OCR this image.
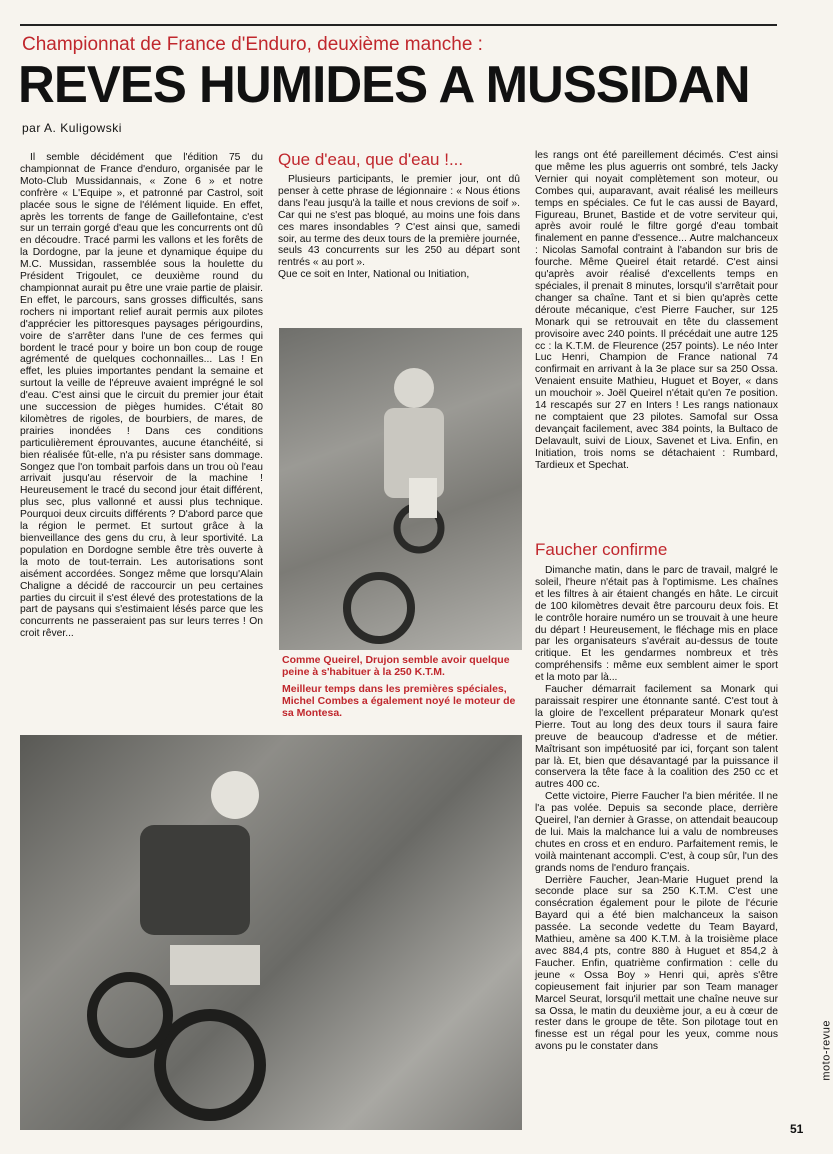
Championnat de France d'Enduro, deuxième manche :
REVES HUMIDES A MUSSIDAN
par A. Kuligowski

Il semble décidément que l'édition 75 du championnat de France d'enduro, organisée par le Moto-Club Mussidannais, « Zone 6 » et notre confrère « L'Equipe », et patronné par Castrol, soit placée sous le signe de l'élément liquide. En effet, après les torrents de fange de Gaillefontaine, c'est sur un terrain gorgé d'eau que les concurrents ont dû en découdre. Tracé parmi les vallons et les forêts de la Dordogne, par la jeune et dynamique équipe du M.C. Mussidan, rassemblée sous la houlette du Président Trigoulet, ce deuxième round du championnat aurait pu être une vraie partie de plaisir. En effet, le parcours, sans grosses difficultés, sans rochers ni important relief aurait permis aux pilotes d'apprécier les pittoresques paysages périgourdins, voire de s'arrêter dans l'une de ces fermes qui bordent le tracé pour y boire un bon coup de rouge agrémenté de quelques cochonnailles... Las ! En effet, les pluies importantes pendant la semaine et surtout la veille de l'épreuve avaient imprégné le sol d'eau. C'est ainsi que le circuit du premier jour était une succession de pièges humides. C'était 80 kilomètres de rigoles, de bourbiers, de mares, de prairies inondées ! Dans ces conditions particulièrement éprouvantes, aucune étanchéité, si bien réalisée fût-elle, n'a pu résister sans dommage. Songez que l'on tombait parfois dans un trou où l'eau arrivait jusqu'au réservoir de la machine ! Heureusement le tracé du second jour était différent, plus sec, plus vallonné et aussi plus technique. Pourquoi deux circuits différents ? D'abord parce que la région le permet. Et surtout grâce à la bienveillance des gens du cru, à leur sportivité. La population en Dordogne semble être très ouverte à la moto de tout-terrain. Les autorisations sont aisément accordées. Songez même que lorsqu'Alain Chaligne a décidé de raccourcir un peu certaines parties du circuit il s'est élevé des protestations de la part de paysans qui s'estimaient lésés parce que les concurrents ne passeraient pas sur leurs terres ! On croit rêver...

Que d'eau, que d'eau !...

Plusieurs participants, le premier jour, ont dû penser à cette phrase de légionnaire : « Nous étions dans l'eau jusqu'à la taille et nous crevions de soif ». Car qui ne s'est pas bloqué, au moins une fois dans ces mares insondables ? C'est ainsi que, samedi soir, au terme des deux tours de la première journée, seuls 43 concurrents sur les 250 au départ sont rentrés « au port ».

Que ce soit en Inter, National ou Initiation,

Comme Queirel, Drujon semble avoir quelque peine à s'habituer à la 250 K.T.M.

Meilleur temps dans les premières spéciales, Michel Combes a également noyé le moteur de sa Montesa.

les rangs ont été pareillement décimés. C'est ainsi que même les plus aguerris ont sombré, tels Jacky Vernier qui noyait complètement son moteur, ou Combes qui, auparavant, avait réalisé les meilleurs temps en spéciales. Ce fut le cas aussi de Bayard, Figureau, Brunet, Bastide et de votre serviteur qui, après avoir roulé le filtre gorgé d'eau tombait finalement en panne d'essence... Autre malchanceux : Nicolas Samofal contraint à l'abandon sur bris de fourche. Même Queirel était retardé. C'est ainsi qu'après avoir réalisé d'excellents temps en spéciales, il prenait 8 minutes, lorsqu'il s'arrêtait pour changer sa chaîne. Tant et si bien qu'après cette déroute mécanique, c'est Pierre Faucher, sur 125 Monark qui se retrouvait en tête du classement provisoire avec 240 points. Il précédait une autre 125 cc : la K.T.M. de Fleurence (257 points). Le néo Inter Luc Henri, Champion de France national 74 confirmait en arrivant à la 3e place sur sa 250 Ossa. Venaient ensuite Mathieu, Huguet et Boyer, « dans un mouchoir ». Joël Queirel n'était qu'en 7e position. 14 rescapés sur 27 en Inters ! Les rangs nationaux ne comptaient que 23 pilotes. Samofal sur Ossa devançait facilement, avec 384 points, la Bultaco de Delavault, suivi de Lioux, Savenet et Liva. Enfin, en Initiation, trois noms se détachaient : Rumbard, Tardieux et Spechat.

Faucher confirme

Dimanche matin, dans le parc de travail, malgré le soleil, l'heure n'était pas à l'optimisme. Les chaînes et les filtres à air étaient changés en hâte. Le circuit de 100 kilomètres devait être parcouru deux fois. Et le contrôle horaire numéro un se trouvait à une heure du départ ! Heureusement, le fléchage mis en place par les organisateurs s'avérait au-dessus de toute critique. Et les gendarmes nombreux et très compréhensifs : même eux semblent aimer le sport et la moto par là...

Faucher démarrait facilement sa Monark qui paraissait respirer une étonnante santé. C'est tout à la gloire de l'excellent préparateur Monark qu'est Pierre. Tout au long des deux tours il saura faire preuve de beaucoup d'adresse et de métier. Maîtrisant son impétuosité par ici, forçant son talent par là. Et, bien que désavantagé par la puissance il conservera la tête face à la coalition des 250 cc et autres 400 cc.

Cette victoire, Pierre Faucher l'a bien méritée. Il ne l'a pas volée. Depuis sa seconde place, derrière Queirel, l'an dernier à Grasse, on attendait beaucoup de lui. Mais la malchance lui a valu de nombreuses chutes en cross et en enduro. Parfaitement remis, le voilà maintenant accompli. C'est, à coup sûr, l'un des grands noms de l'enduro français.

Derrière Faucher, Jean-Marie Huguet prend la seconde place sur sa 250 K.T.M. C'est une consécration également pour le pilote de l'écurie Bayard qui a été bien malchanceux la saison passée. La seconde vedette du Team Bayard, Mathieu, amène sa 400 K.T.M. à la troisième place avec 884,4 pts, contre 880 à Huguet et 854,2 à Faucher. Enfin, quatrième confirmation : celle du jeune « Ossa Boy » Henri qui, après s'être copieusement fait injurier par son Team manager Marcel Seurat, lorsqu'il mettait une chaîne neuve sur sa Ossa, le matin du deuxième jour, a eu à cœur de rester dans le groupe de tête. Son pilotage tout en finesse est un régal pour les yeux, comme nous avons pu le constater dans	moto-revue
51
